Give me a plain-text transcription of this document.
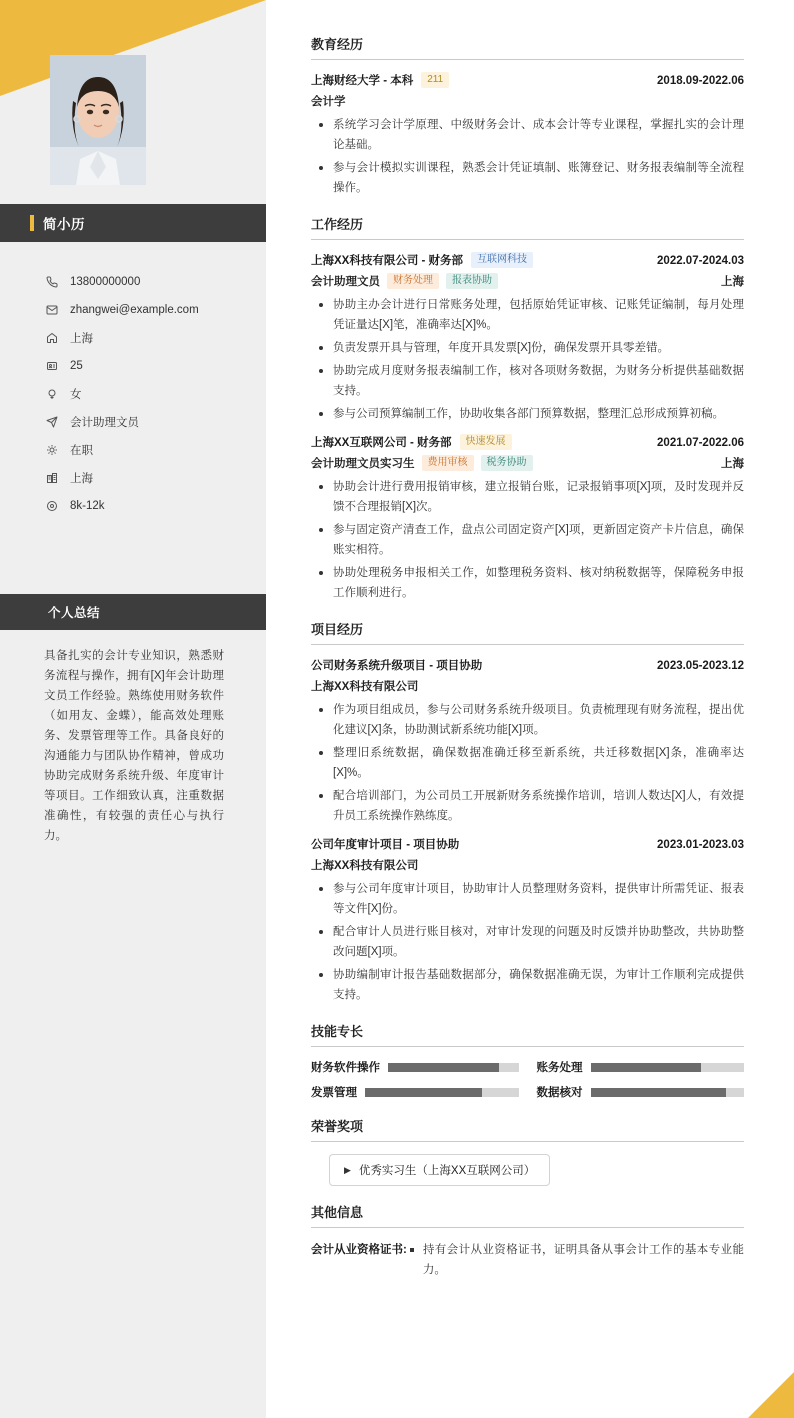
简小历
13800000000
zhangwei@example.com
上海
25
女
会计助理文员
在职
上海
8k-12k
个人总结
具备扎实的会计专业知识，熟悉财务流程与操作，拥有[X]年会计助理文员工作经验。熟练使用财务软件（如用友、金蝶），能高效处理账务、发票管理等工作。具备良好的沟通能力与团队协作精神，曾成功协助完成财务系统升级、年度审计等项目。工作细致认真，注重数据准确性，有较强的责任心与执行力。
教育经历
上海财经大学 - 本科	211	2018.09-2022.06
会计学
系统学习会计学原理、中级财务会计、成本会计等专业课程，掌握扎实的会计理论基础。
参与会计模拟实训课程，熟悉会计凭证填制、账簿登记、财务报表编制等全流程操作。
工作经历
上海XX科技有限公司 - 财务部	互联网科技	2022.07-2024.03
会计助理文员	财务处理	报表协助	上海
协助主办会计进行日常账务处理，包括原始凭证审核、记账凭证编制，每月处理凭证量达[X]笔，准确率达[X]%。
负责发票开具与管理，年度开具发票[X]份，确保发票开具零差错。
协助完成月度财务报表编制工作，核对各项财务数据，为财务分析提供基础数据支持。
参与公司预算编制工作，协助收集各部门预算数据，整理汇总形成预算初稿。
上海XX互联网公司 - 财务部	快速发展	2021.07-2022.06
会计助理文员实习生	费用审核	税务协助	上海
协助会计进行费用报销审核，建立报销台账，记录报销事项[X]项，及时发现并反馈不合理报销[X]次。
参与固定资产清查工作，盘点公司固定资产[X]项，更新固定资产卡片信息，确保账实相符。
协助处理税务申报相关工作，如整理税务资料、核对纳税数据等，保障税务申报工作顺利进行。
项目经历
公司财务系统升级项目 - 项目协助	2023.05-2023.12
上海XX科技有限公司
作为项目组成员，参与公司财务系统升级项目。负责梳理现有财务流程，提出优化建议[X]条，协助测试新系统功能[X]项。
整理旧系统数据，确保数据准确迁移至新系统，共迁移数据[X]条，准确率达[X]%。
配合培训部门，为公司员工开展新财务系统操作培训，培训人数达[X]人，有效提升员工系统操作熟练度。
公司年度审计项目 - 项目协助	2023.01-2023.03
上海XX科技有限公司
参与公司年度审计项目，协助审计人员整理财务资料，提供审计所需凭证、报表等文件[X]份。
配合审计人员进行账目核对，对审计发现的问题及时反馈并协助整改，共协助整改问题[X]项。
协助编制审计报告基础数据部分，确保数据准确无误，为审计工作顺利完成提供支持。
技能专长
财务软件操作	账务处理
发票管理	数据核对
荣誉奖项
▶ 优秀实习生（上海XX互联网公司）
其他信息
会计从业资格证书:	持有会计从业资格证书，证明具备从事会计工作的基本专业能力。
